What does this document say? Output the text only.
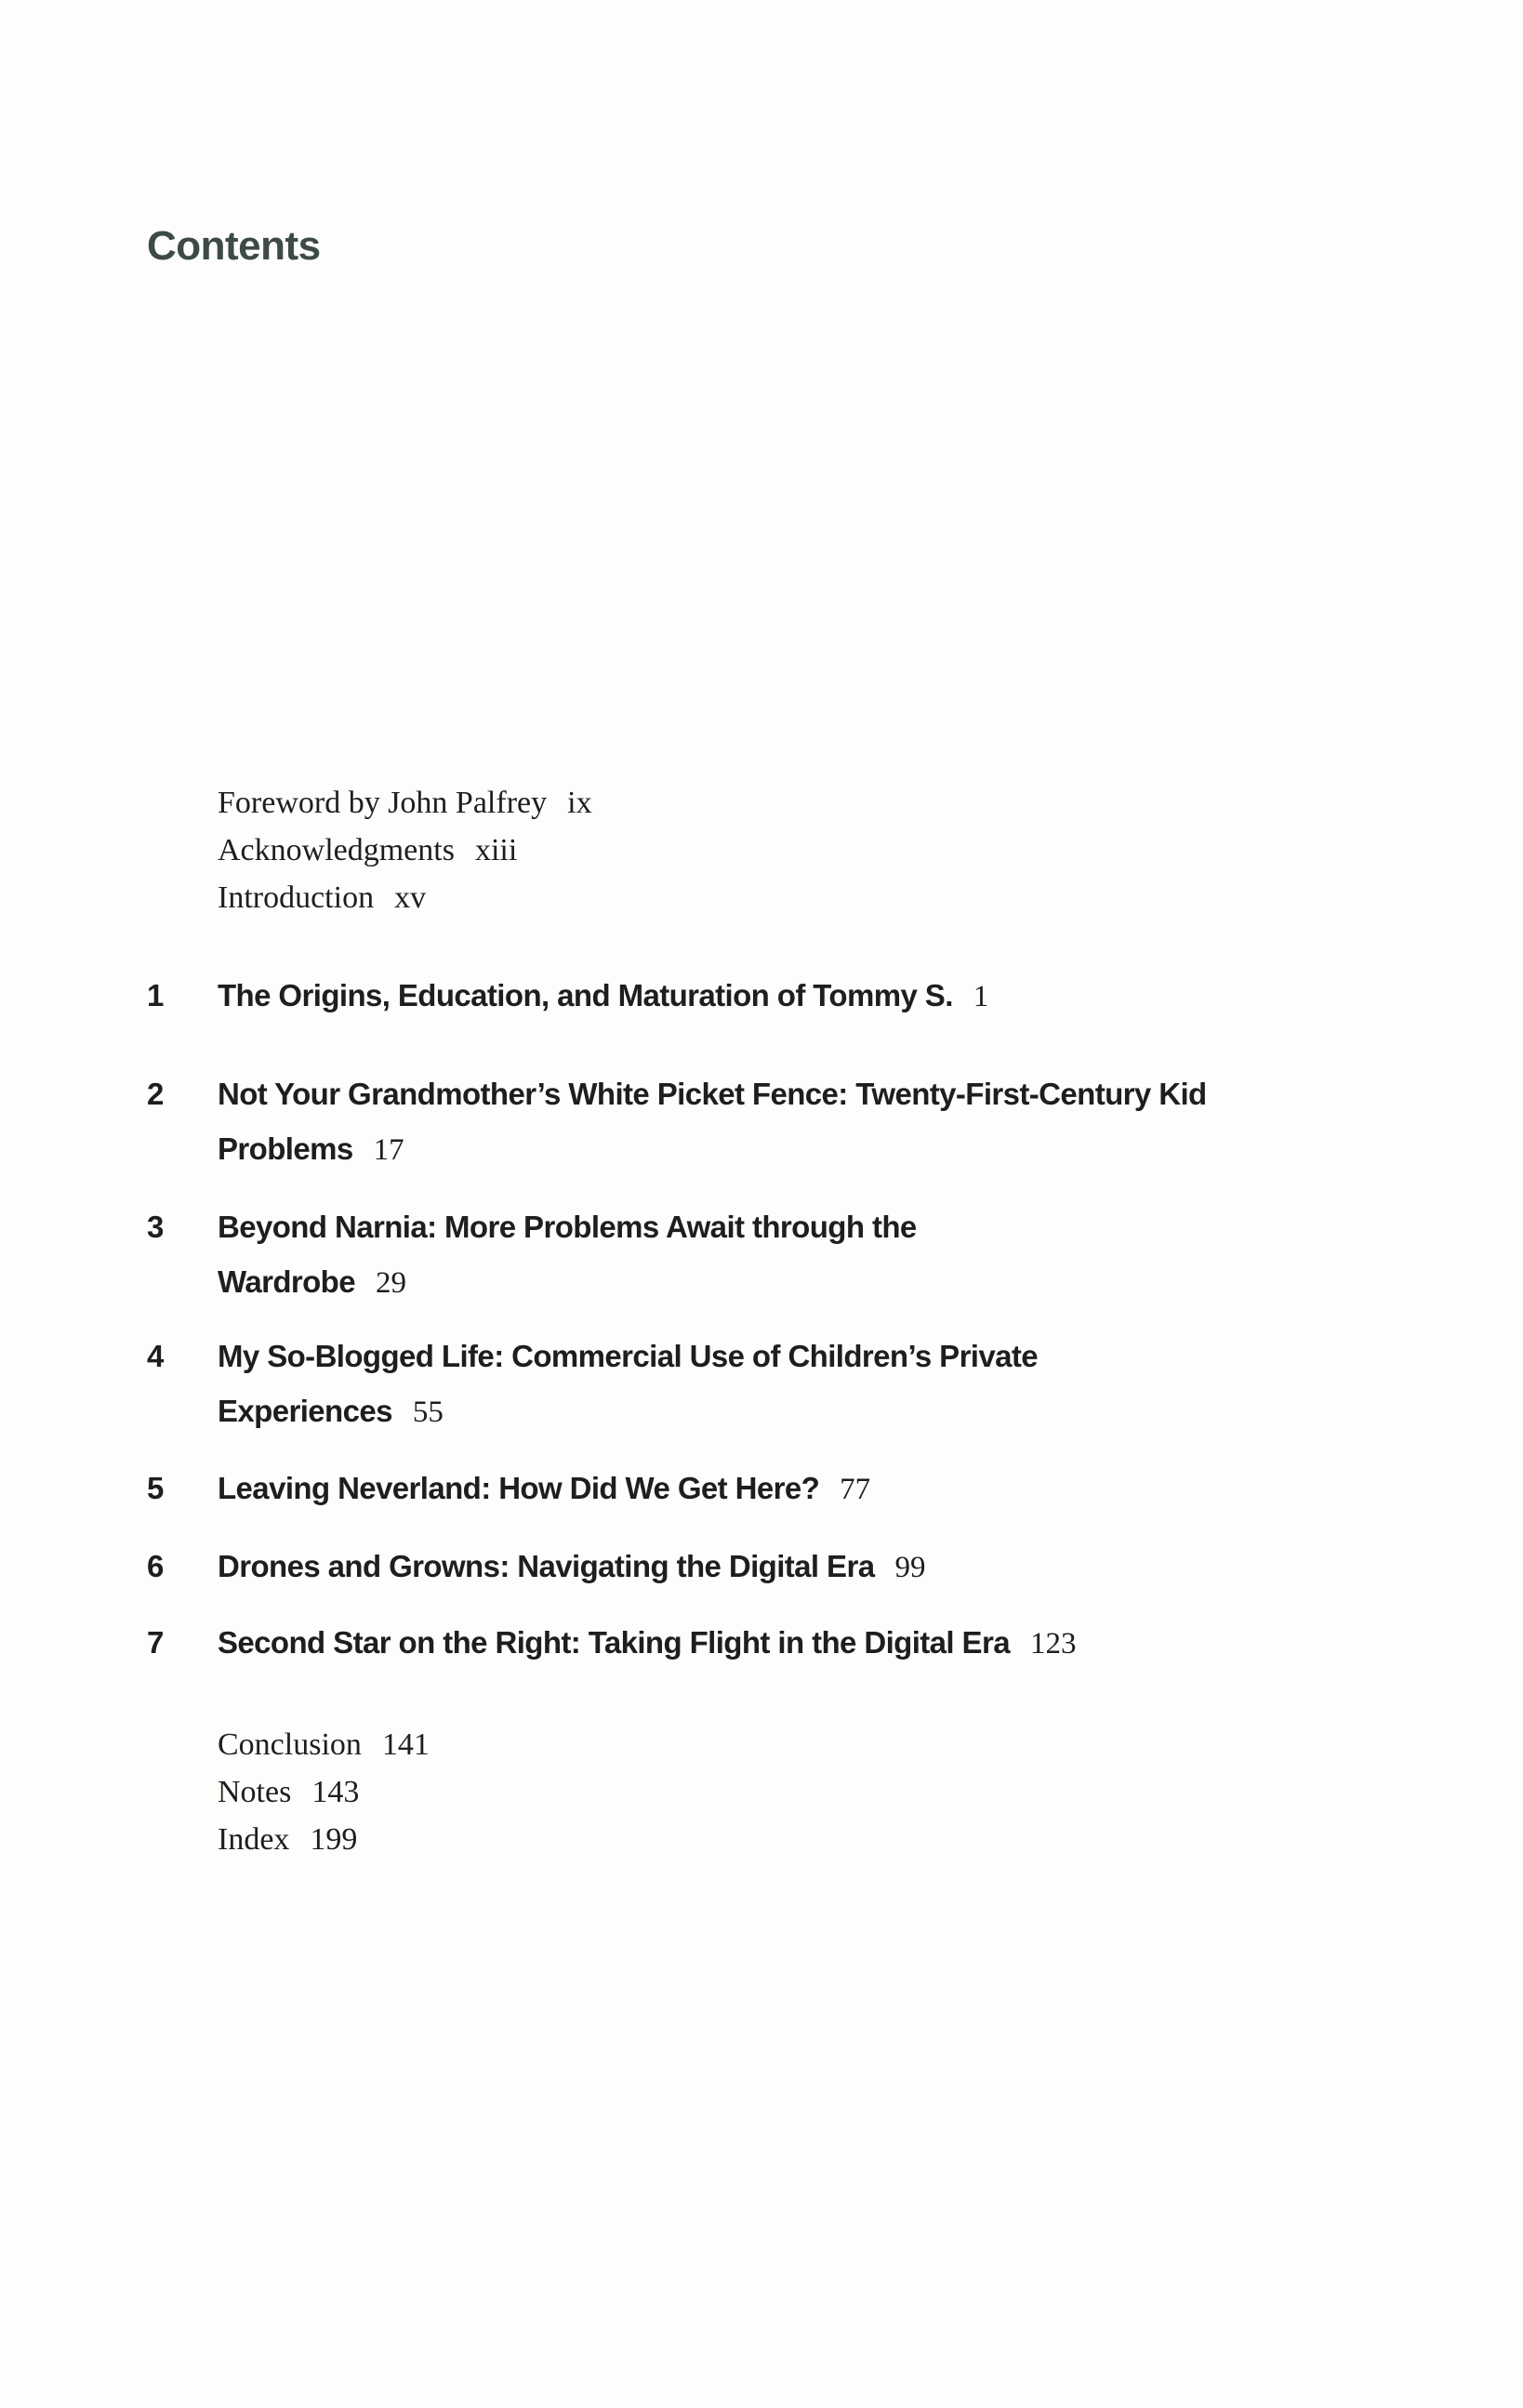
Contents
Foreword by John Palfrey ix
Acknowledgments xiii
Introduction xv
1 The Origins, Education, and Maturation of Tommy S. 1
2 Not Your Grandmother’s White Picket Fence: Twenty-First-Century Kid Problems 17
3 Beyond Narnia: More Problems Await through the Wardrobe 29
4 My So-Blogged Life: Commercial Use of Children’s Private Experiences 55
5 Leaving Neverland: How Did We Get Here? 77
6 Drones and Growns: Navigating the Digital Era 99
7 Second Star on the Right: Taking Flight in the Digital Era 123
Conclusion 141
Notes 143
Index 199
